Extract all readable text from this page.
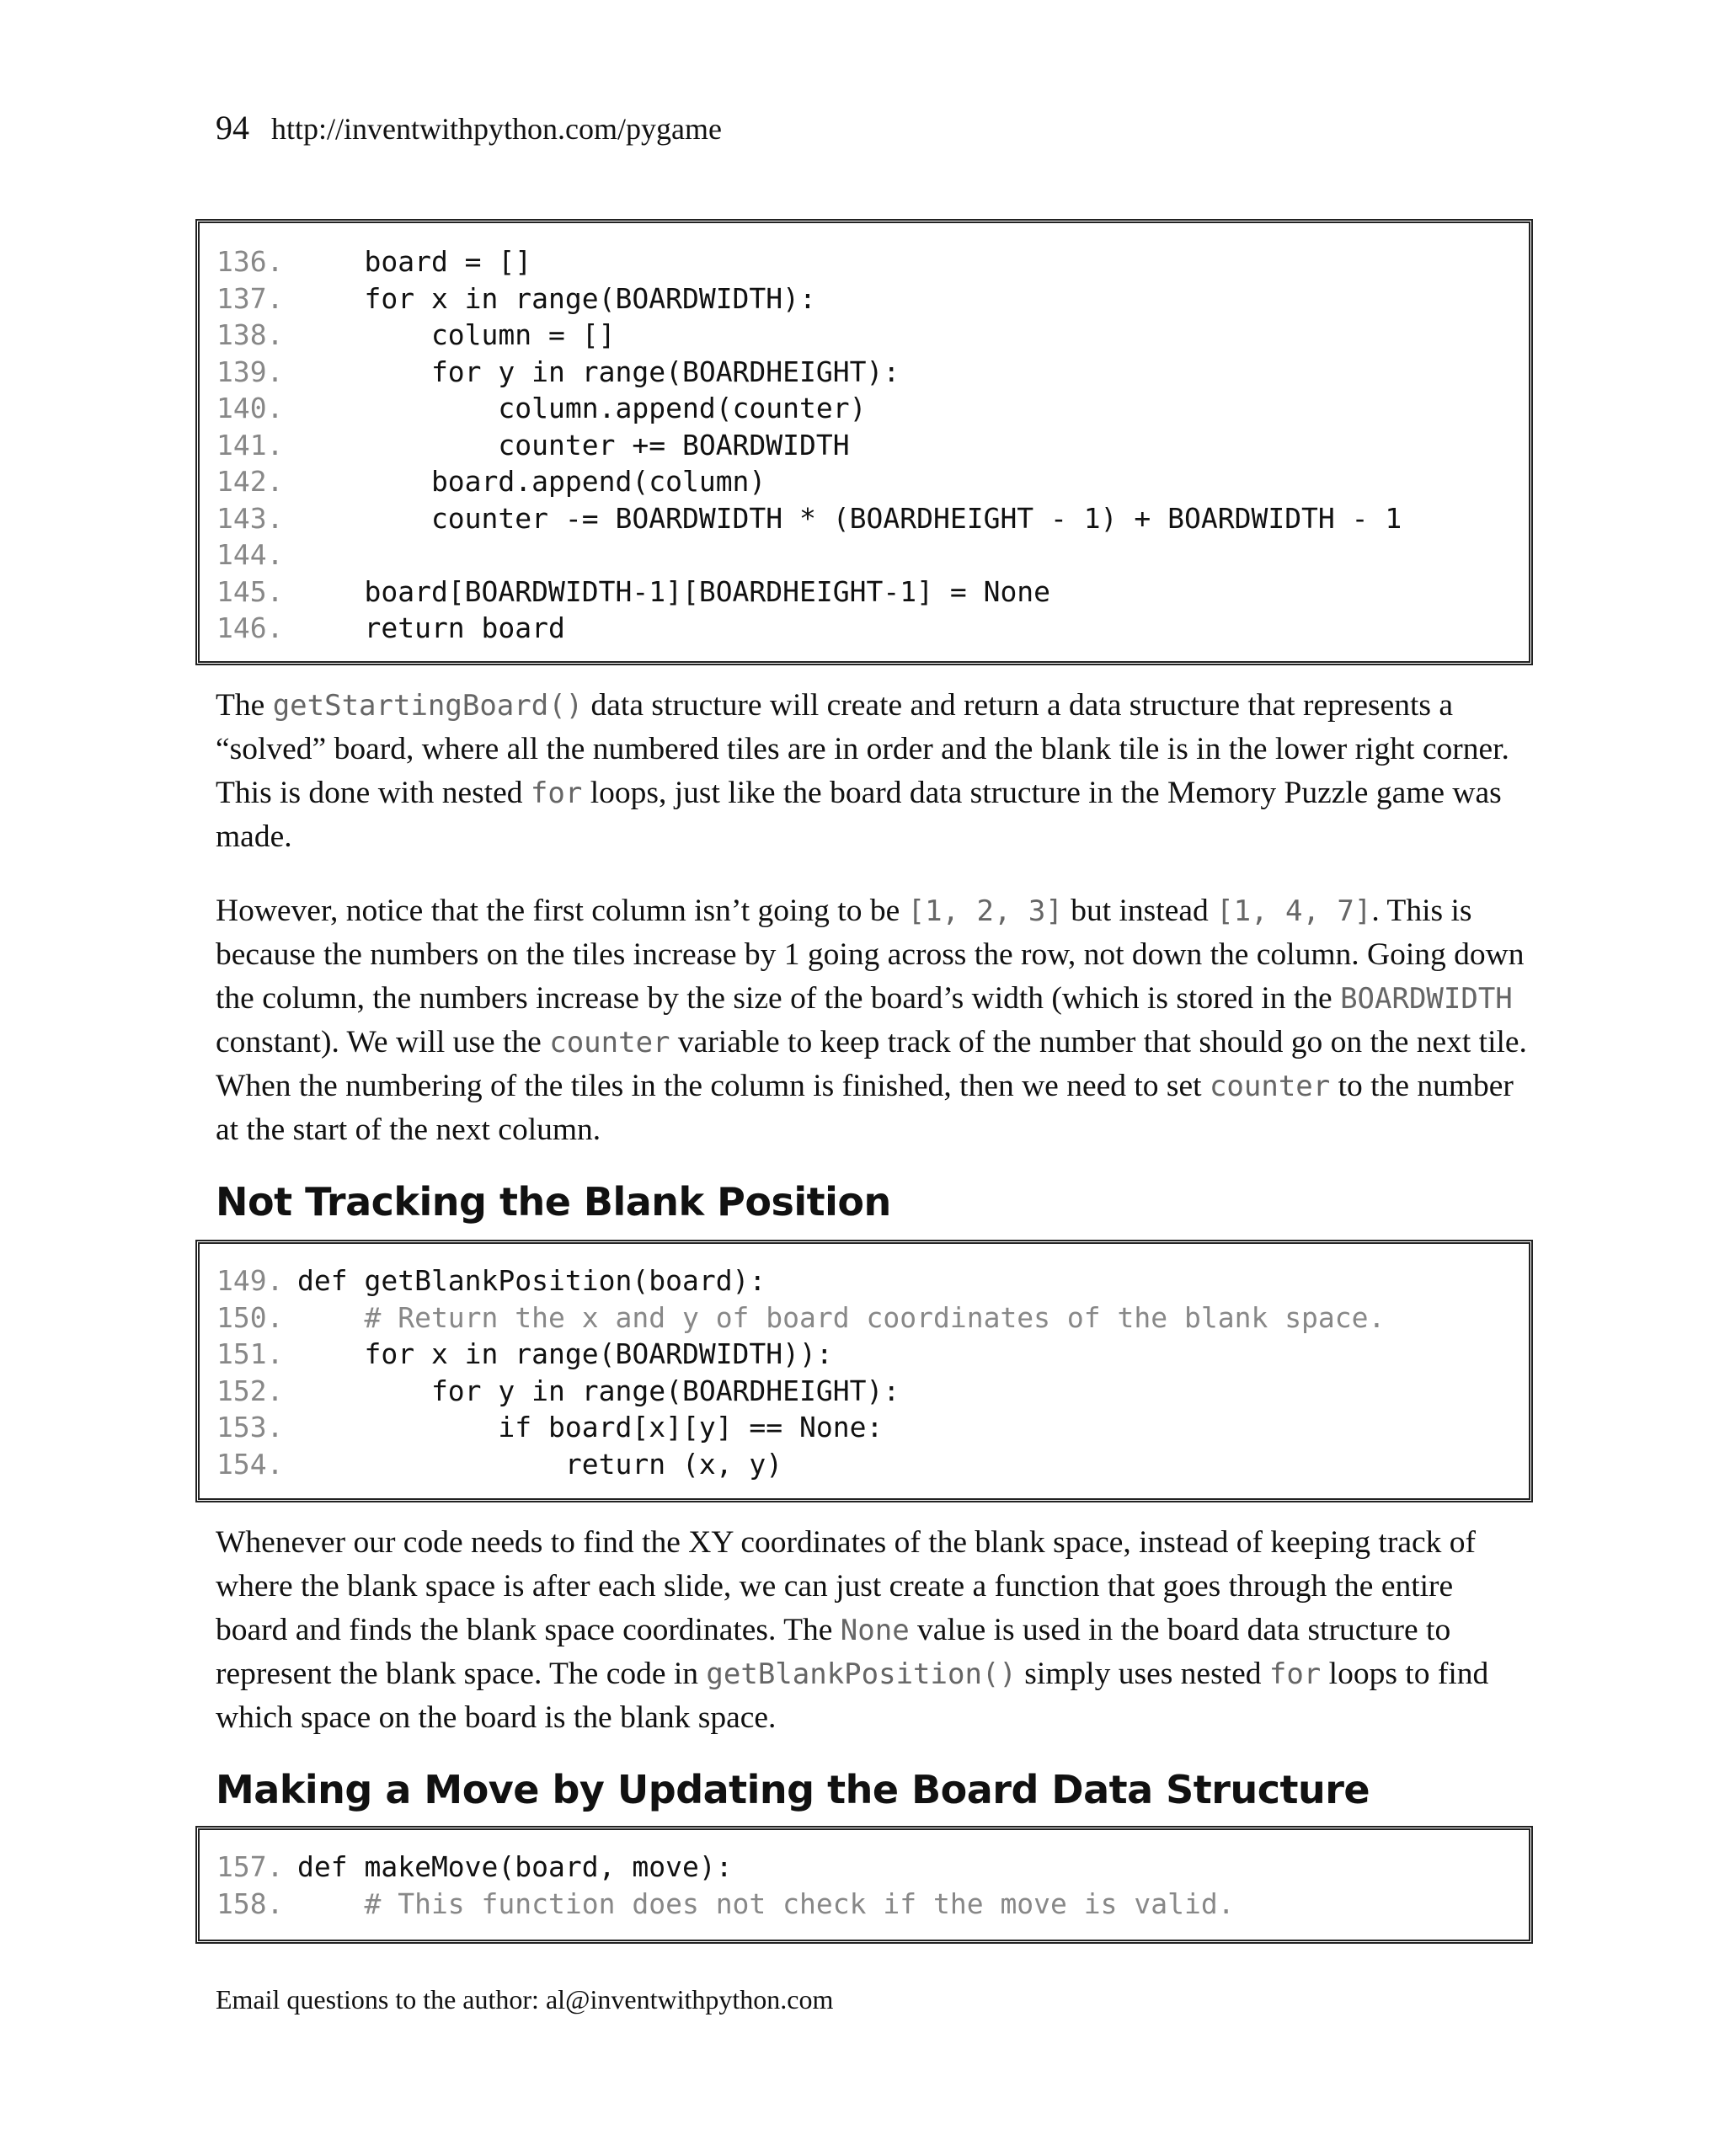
94 http://inventwithpython.com/pygame
136.    board = []
137.    for x in range(BOARDWIDTH):
138.        column = []
139.        for y in range(BOARDHEIGHT):
140.            column.append(counter)
141.            counter += BOARDWIDTH
142.        board.append(column)
143.        counter -= BOARDWIDTH * (BOARDHEIGHT - 1) + BOARDWIDTH - 1
144.
145.    board[BOARDWIDTH-1][BOARDHEIGHT-1] = None
146.    return board

The getStartingBoard() data structure will create and return a data structure that represents a “solved” board, where all the numbered tiles are in order and the blank tile is in the lower right corner. This is done with nested for loops, just like the board data structure in the Memory Puzzle game was made.

However, notice that the first column isn’t going to be [1, 2, 3] but instead [1, 4, 7]. This is because the numbers on the tiles increase by 1 going across the row, not down the column. Going down the column, the numbers increase by the size of the board’s width (which is stored in the BOARDWIDTH constant). We will use the counter variable to keep track of the number that should go on the next tile. When the numbering of the tiles in the column is finished, then we need to set counter to the number at the start of the next column.

Not Tracking the Blank Position
149. def getBlankPosition(board):
150.    # Return the x and y of board coordinates of the blank space.
151.    for x in range(BOARDWIDTH)):
152.        for y in range(BOARDHEIGHT):
153.            if board[x][y] == None:
154.                return (x, y)

Whenever our code needs to find the XY coordinates of the blank space, instead of keeping track of where the blank space is after each slide, we can just create a function that goes through the entire board and finds the blank space coordinates. The None value is used in the board data structure to represent the blank space. The code in getBlankPosition() simply uses nested for loops to find which space on the board is the blank space.

Making a Move by Updating the Board Data Structure
157. def makeMove(board, move):
158.    # This function does not check if the move is valid.
Email questions to the author: al@inventwithpython.com
